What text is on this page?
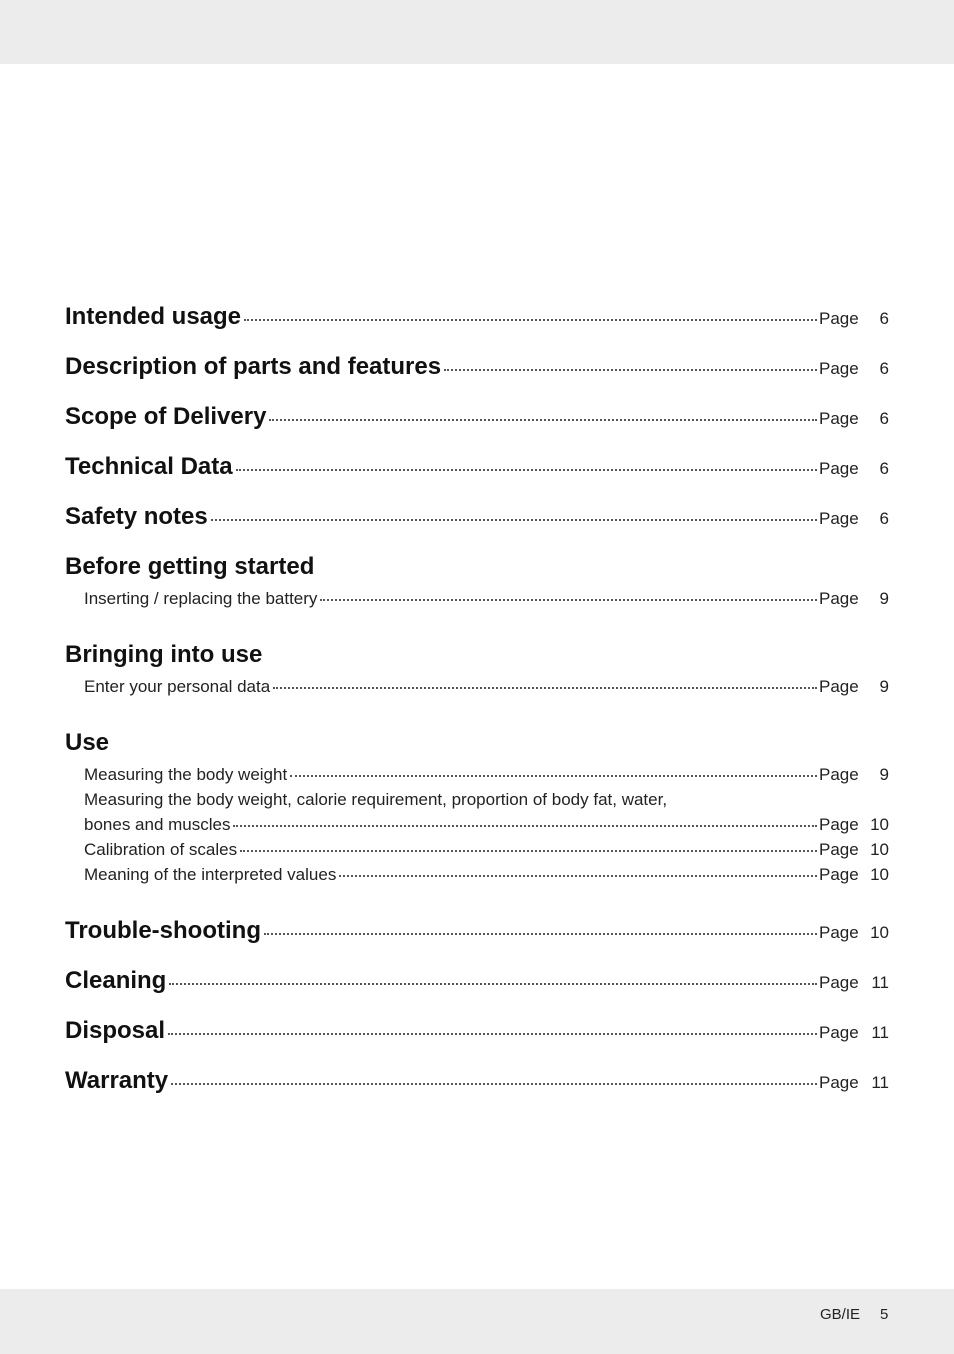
Intended usage	Page	6
Description of parts and features	Page	6
Scope of Delivery	Page	6
Technical Data	Page	6
Safety notes	Page	6
Before getting started
Inserting / replacing the battery	Page	9
Bringing into use
Enter your personal data	Page	9
Use
Measuring the body weight	Page	9
Measuring the body weight, calorie requirement, proportion of body fat, water,
bones and muscles	Page 10
Calibration of scales	Page 10
Meaning of the interpreted values	Page 10
Trouble-shooting	Page 10
Cleaning	Page 11
Disposal	Page 11
Warranty	Page 11
GB/IE 5
